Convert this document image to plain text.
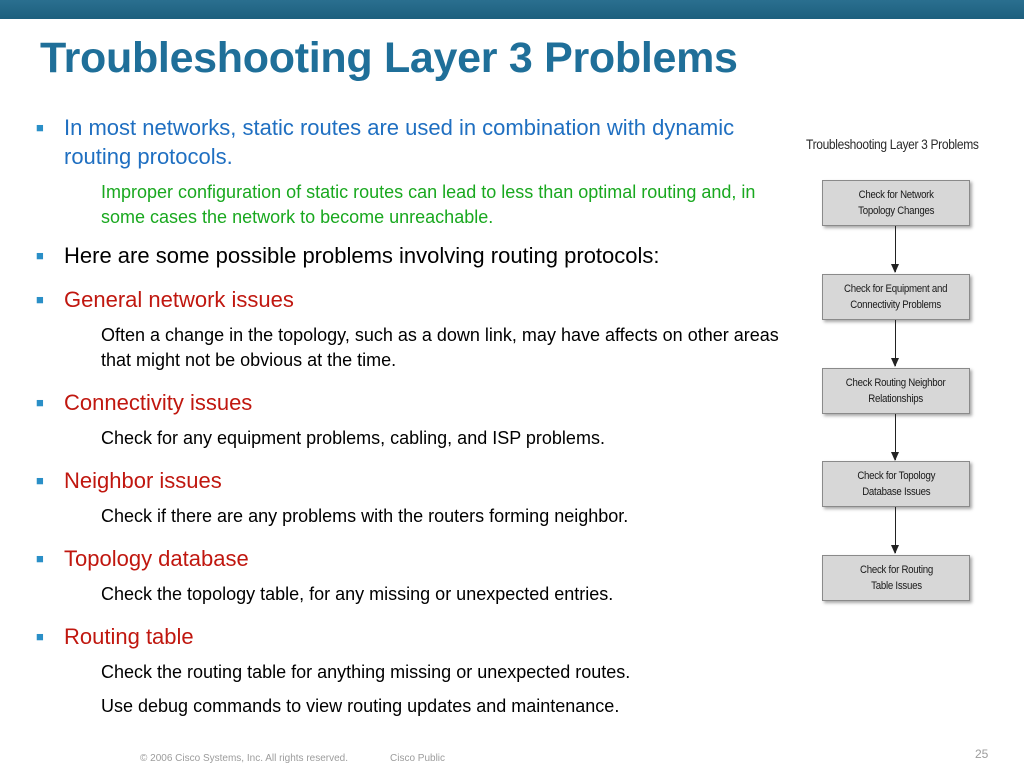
Troubleshooting Layer 3 Problems
■ In most networks, static routes are used in combination with dynamic routing protocols.
Improper configuration of static routes can lead to less than optimal routing and, in some cases the network to become unreachable.
■ Here are some possible problems involving routing protocols:
■ General network issues
Often a change in the topology, such as a down link, may have affects on other areas that might not be obvious at the time.
■ Connectivity issues
Check for any equipment problems, cabling, and ISP problems.
■ Neighbor issues
Check if there are any problems with the routers forming neighbor.
■ Topology database
Check the topology table, for any missing or unexpected entries.
■ Routing table
Check the routing table for anything missing or unexpected routes.
Use debug commands to view routing updates and maintenance.
Troubleshooting Layer 3 Problems
Check for Network
Topology Changes
Check for Equipment and
Connectivity Problems
Check Routing Neighbor
Relationships
Check for Topology
Database Issues
Check for Routing
Table Issues
© 2006 Cisco Systems, Inc. All rights reserved.	Cisco Public	25
